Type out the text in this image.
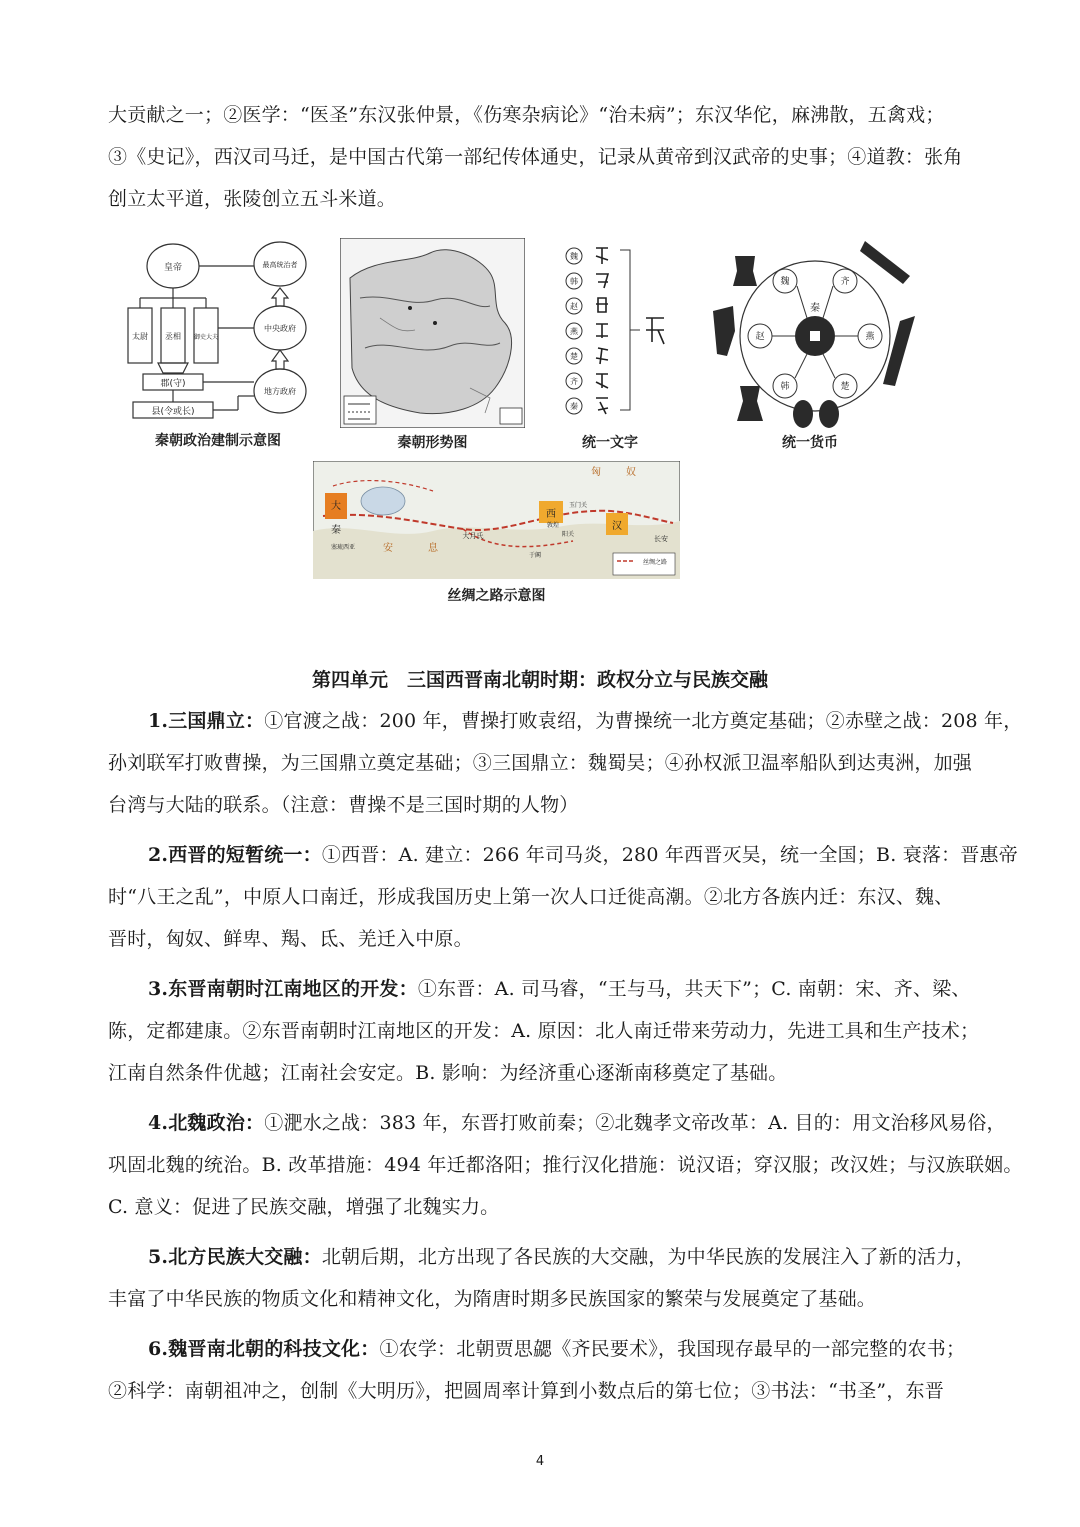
大贡献之一；②医学：“医圣”东汉张仲景，《伤寒杂病论》“治未病”；东汉华佗，麻沸散，五禽戏；
③《史记》，西汉司马迁，是中国古代第一部纪传体通史，记录从黄帝到汉武帝的史事；④道教：张角
创立太平道，张陵创立五斗米道。
皇帝
太尉 丞相 御史大夫
郡(守)
县(令或长)
最高统治者
中央政府
地方政府
秦朝政治建制示意图	秦朝形势图
魏
韩
赵
燕
楚
齐
秦
统一文字
秦
魏	齐
赵	燕
韩	楚
统一货币
匈	奴
大
秦
安	息
大月氏
玉门关
阳关
敦煌
于阗
长安
汉
西
塞琉西亚
丝绸之路
丝绸之路示意图
第四单元　三国西晋南北朝时期：政权分立与民族交融
1.三国鼎立：①官渡之战：200 年，曹操打败袁绍，为曹操统一北方奠定基础；②赤壁之战：208 年，
孙刘联军打败曹操，为三国鼎立奠定基础；③三国鼎立：魏蜀吴；④孙权派卫温率船队到达夷洲，加强
台湾与大陆的联系。（注意：曹操不是三国时期的人物）
2.西晋的短暂统一：①西晋：A. 建立：266 年司马炎，280 年西晋灭吴，统一全国；B. 衰落：晋惠帝
时“八王之乱”，中原人口南迁，形成我国历史上第一次人口迁徙高潮。②北方各族内迁：东汉、魏、
晋时，匈奴、鲜卑、羯、氐、羌迁入中原。
3.东晋南朝时江南地区的开发：①东晋：A. 司马睿，“王与马，共天下”；C. 南朝：宋、齐、梁、
陈，定都建康。②东晋南朝时江南地区的开发：A. 原因：北人南迁带来劳动力，先进工具和生产技术；
江南自然条件优越；江南社会安定。B. 影响：为经济重心逐渐南移奠定了基础。
4.北魏政治：①淝水之战：383 年，东晋打败前秦；②北魏孝文帝改革：A. 目的：用文治移风易俗，
巩固北魏的统治。B. 改革措施：494 年迁都洛阳；推行汉化措施：说汉语；穿汉服；改汉姓；与汉族联姻。
C. 意义：促进了民族交融，增强了北魏实力。
5.北方民族大交融：北朝后期，北方出现了各民族的大交融，为中华民族的发展注入了新的活力，
丰富了中华民族的物质文化和精神文化，为隋唐时期多民族国家的繁荣与发展奠定了基础。
6.魏晋南北朝的科技文化：①农学：北朝贾思勰《齐民要术》，我国现存最早的一部完整的农书；
②科学：南朝祖冲之，创制《大明历》，把圆周率计算到小数点后的第七位；③书法：“书圣”，东晋
4
